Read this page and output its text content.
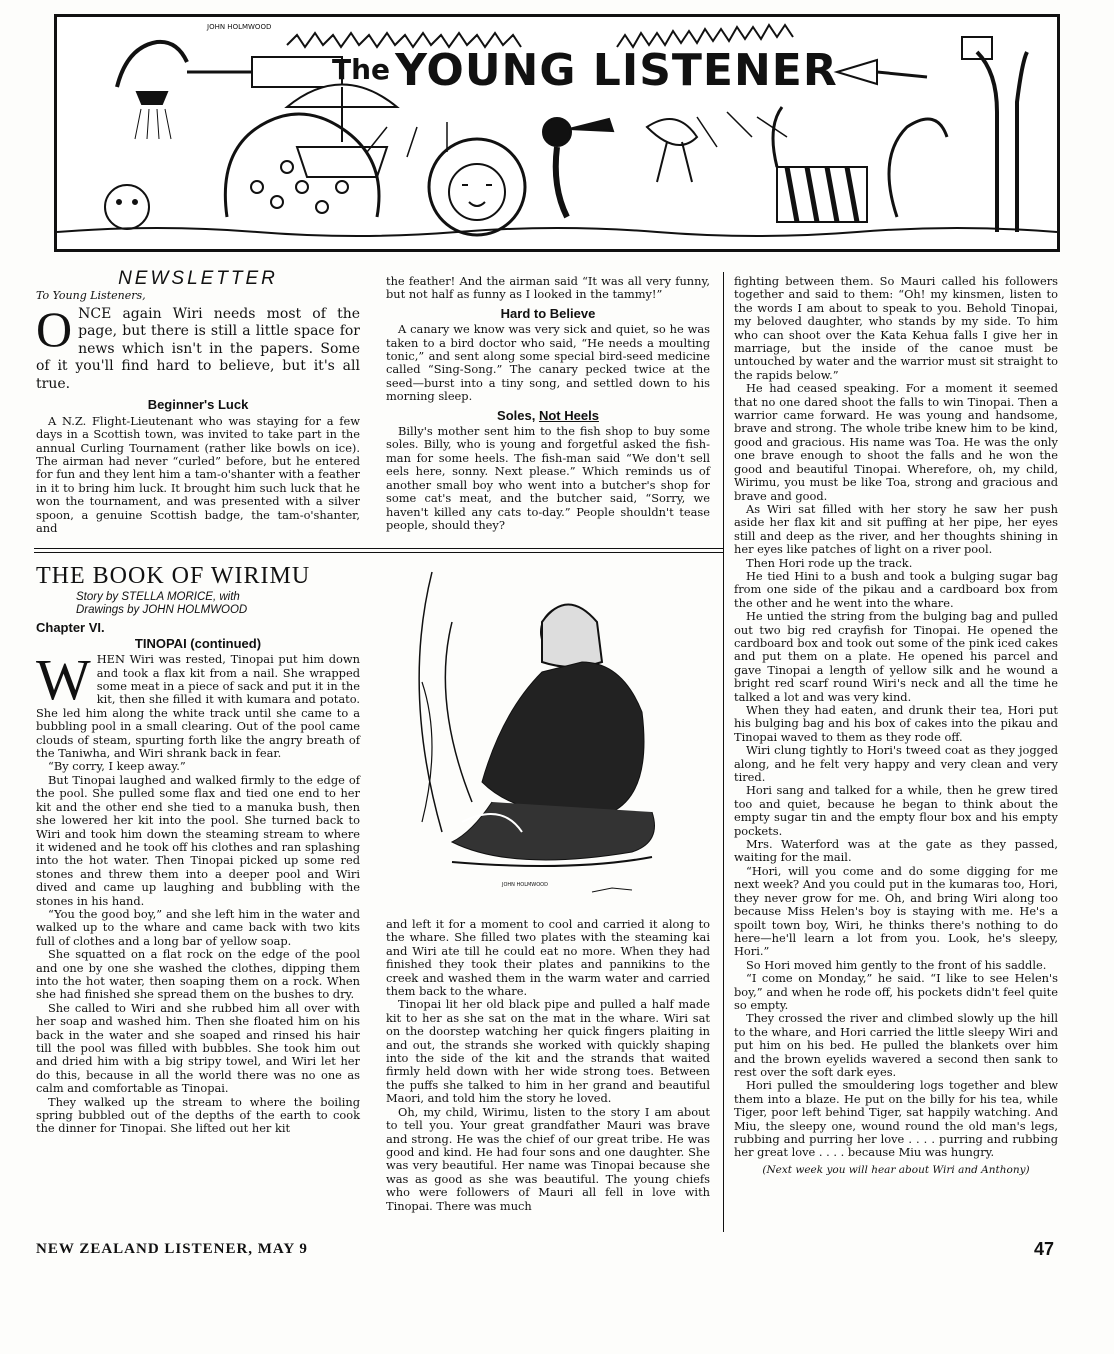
JOHN HOLMWOOD
The YOUNG LISTENER
NEWSLETTER
To Young Listeners,
ONCE again Wiri needs most of the page, but there is still a little space for news which isn't in the papers. Some of it you'll find hard to believe, but it's all true.
Beginner's Luck

A N.Z. Flight-Lieutenant who was staying for a few days in a Scottish town, was invited to take part in the annual Curling Tournament (rather like bowls on ice). The airman had never “curled” before, but he entered for fun and they lent him a tam-o'shanter with a feather in it to bring him luck. It brought him such luck that he won the tournament, and was presented with a silver spoon, a genuine Scottish badge, the tam-o'shanter, and

the feather! And the airman said “It was all very funny, but not half as funny as I looked in the tammy!”

Hard to Believe

A canary we know was very sick and quiet, so he was taken to a bird doctor who said, “He needs a moulting tonic,” and sent along some special bird-seed medicine called “Sing-Song.” The canary pecked twice at the seed—burst into a tiny song, and settled down to his morning sleep.

Soles, Not Heels

Billy's mother sent him to the fish shop to buy some soles. Billy, who is young and forgetful asked the fish-man for some heels. The fish-man said “We don't sell eels here, sonny. Next please.” Which reminds us of another small boy who went into a butcher's shop for some cat's meat, and the butcher said, “Sorry, we haven't killed any cats to-day.” People shouldn't tease people, should they?

THE BOOK OF WIRIMU
Story by STELLA MORICE, with
Drawings by JOHN HOLMWOOD
Chapter VI.
TINOPAI (continued)

WHEN Wiri was rested, Tinopai put him down and took a flax kit from a nail. She wrapped some meat in a piece of sack and put it in the kit, then she filled it with kumara and potato. She led him along the white track until she came to a bubbling pool in a small clearing. Out of the pool came clouds of steam, spurting forth like the angry breath of the Taniwha, and Wiri shrank back in fear.

“By corry, I keep away.”

But Tinopai laughed and walked firmly to the edge of the pool. She pulled some flax and tied one end to her kit and the other end she tied to a manuka bush, then she lowered her kit into the pool. She turned back to Wiri and took him down the steaming stream to where it widened and he took off his clothes and ran splashing into the hot water. Then Tinopai picked up some red stones and threw them into a deeper pool and Wiri dived and came up laughing and bubbling with the stones in his hand.

“You the good boy,” and she left him in the water and walked up to the whare and came back with two kits full of clothes and a long bar of yellow soap.

She squatted on a flat rock on the edge of the pool and one by one she washed the clothes, dipping them into the hot water, then soaping them on a rock. When she had finished she spread them on the bushes to dry.

She called to Wiri and she rubbed him all over with her soap and washed him. Then she floated him on his back in the water and she soaped and rinsed his hair till the pool was filled with bubbles. She took him out and dried him with a big stripy towel, and Wiri let her do this, because in all the world there was no one as calm and comfortable as Tinopai.

They walked up the stream to where the boiling spring bubbled out of the depths of the earth to cook the dinner for Tinopai. She lifted out her kit

JOHN HOLMWOOD

and left it for a moment to cool and carried it along to the whare. She filled two plates with the steaming kai and Wiri ate till he could eat no more. When they had finished they took their plates and pannikins to the creek and washed them in the warm water and carried them back to the whare.

Tinopai lit her old black pipe and pulled a half made kit to her as she sat on the mat in the whare. Wiri sat on the doorstep watching her quick fingers plaiting in and out, the strands she worked with quickly shaping into the side of the kit and the strands that waited firmly held down with her wide strong toes. Between the puffs she talked to him in her grand and beautiful Maori, and told him the story he loved.

Oh, my child, Wirimu, listen to the story I am about to tell you. Your great grandfather Mauri was brave and strong. He was the chief of our great tribe. He was good and kind. He had four sons and one daughter. She was very beautiful. Her name was Tinopai because she was as good as she was beautiful. The young chiefs who were followers of Mauri all fell in love with Tinopai. There was much

fighting between them. So Mauri called his followers together and said to them: “Oh! my kinsmen, listen to the words I am about to speak to you. Behold Tinopai, my beloved daughter, who stands by my side. To him who can shoot over the Kata Kehua falls I give her in marriage, but the inside of the canoe must be untouched by water and the warrior must sit straight to the rapids below.”

He had ceased speaking. For a moment it seemed that no one dared shoot the falls to win Tinopai. Then a warrior came forward. He was young and handsome, brave and strong. The whole tribe knew him to be kind, good and gracious. His name was Toa. He was the only one brave enough to shoot the falls and he won the good and beautiful Tinopai. Wherefore, oh, my child, Wirimu, you must be like Toa, strong and gracious and brave and good.

As Wiri sat filled with her story he saw her push aside her flax kit and sit puffing at her pipe, her eyes still and deep as the river, and her thoughts shining in her eyes like patches of light on a river pool.

Then Hori rode up the track.

He tied Hini to a bush and took a bulging sugar bag from one side of the pikau and a cardboard box from the other and he went into the whare.

He untied the string from the bulging bag and pulled out two big red crayfish for Tinopai. He opened the cardboard box and took out some of the pink iced cakes and put them on a plate. He opened his parcel and gave Tinopai a length of yellow silk and he wound a bright red scarf round Wiri's neck and all the time he talked a lot and was very kind.

When they had eaten, and drunk their tea, Hori put his bulging bag and his box of cakes into the pikau and Tinopai waved to them as they rode off.

Wiri clung tightly to Hori's tweed coat as they jogged along, and he felt very happy and very clean and very tired.

Hori sang and talked for a while, then he grew tired too and quiet, because he began to think about the empty sugar tin and the empty flour box and his empty pockets.

Mrs. Waterford was at the gate as they passed, waiting for the mail.

“Hori, will you come and do some digging for me next week? And you could put in the kumaras too, Hori, they never grow for me. Oh, and bring Wiri along too because Miss Helen's boy is staying with me. He's a spoilt town boy, Wiri, he thinks there's nothing to do here—he'll learn a lot from you. Look, he's sleepy, Hori.”

So Hori moved him gently to the front of his saddle.

“I come on Monday,” he said. “I like to see Helen's boy,” and when he rode off, his pockets didn't feel quite so empty.

They crossed the river and climbed slowly up the hill to the whare, and Hori carried the little sleepy Wiri and put him on his bed. He pulled the blankets over him and the brown eyelids wavered a second then sank to rest over the soft dark eyes.

Hori pulled the smouldering logs together and blew them into a blaze. He put on the billy for his tea, while Tiger, poor left behind Tiger, sat happily watching. And Miu, the sleepy one, wound round the old man's legs, rubbing and purring her love . . . . purring and rubbing her great love . . . . because Miu was hungry.

(Next week you will hear about Wiri and Anthony)
NEW ZEALAND LISTENER, MAY 9	47
